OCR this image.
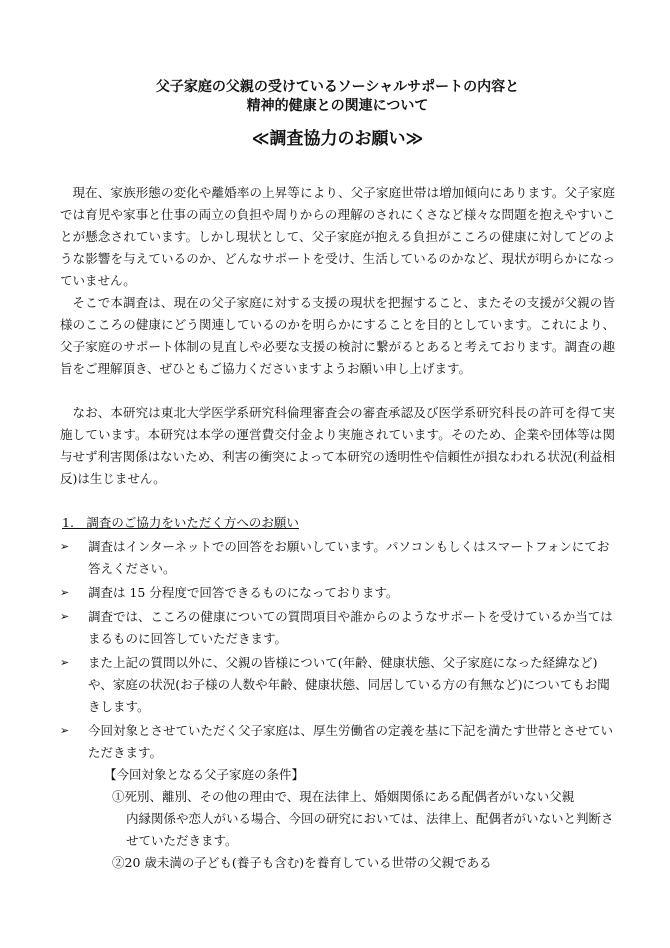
父子家庭の父親の受けているソーシャルサポートの内容と
精神的健康との関連について
≪調査協力のお願い≫

現在、家族形態の変化や離婚率の上昇等により、父子家庭世帯は増加傾向にあります。父子家庭では育児や家事と仕事の両立の負担や周りからの理解のされにくさなど様々な問題を抱えやすいことが懸念されています。しかし現状として、父子家庭が抱える負担がこころの健康に対してどのような影響を与えているのか、どんなサポートを受け、生活しているのかなど、現状が明らかになっていません。

そこで本調査は、現在の父子家庭に対する支援の現状を把握すること、またその支援が父親の皆様のこころの健康にどう関連しているのかを明らかにすることを目的としています。これにより、父子家庭のサポート体制の見直しや必要な支援の検討に繋がるとあると考えております。調査の趣旨をご理解頂き、ぜひともご協力くださいますようお願い申し上げます。

なお、本研究は東北大学医学系研究科倫理審査会の審査承認及び医学系研究科長の許可を得て実施しています。本研究は本学の運営費交付金より実施されています。そのため、企業や団体等は関与せず利害関係はないため、利害の衝突によって本研究の透明性や信頼性が損なわれる状況(利益相反)は生じません。

1.　調査のご協力をいただく方へのお願い
➢ 調査はインターネットでの回答をお願いしています。パソコンもしくはスマートフォンにてお答えください。
➢ 調査は 15 分程度で回答できるものになっております。
➢ 調査では、こころの健康についての質問項目や誰からのようなサポートを受けているか当てはまるものに回答していただきます。
➢ また上記の質問以外に、父親の皆様について(年齢、健康状態、父子家庭になった経緯など)や、家庭の状況(お子様の人数や年齢、健康状態、同居している方の有無など)についてもお聞きします。
➢ 今回対象とさせていただく父子家庭は、厚生労働省の定義を基に下記を満たす世帯とさせていただきます。
【今回対象となる父子家庭の条件】
①死別、離別、その他の理由で、現在法律上、婚姻関係にある配偶者がいない父親
内縁関係や恋人がいる場合、今回の研究においては、法律上、配偶者がいないと判断させていただきます。
②20 歳未満の子ども(養子も含む)を養育している世帯の父親である
